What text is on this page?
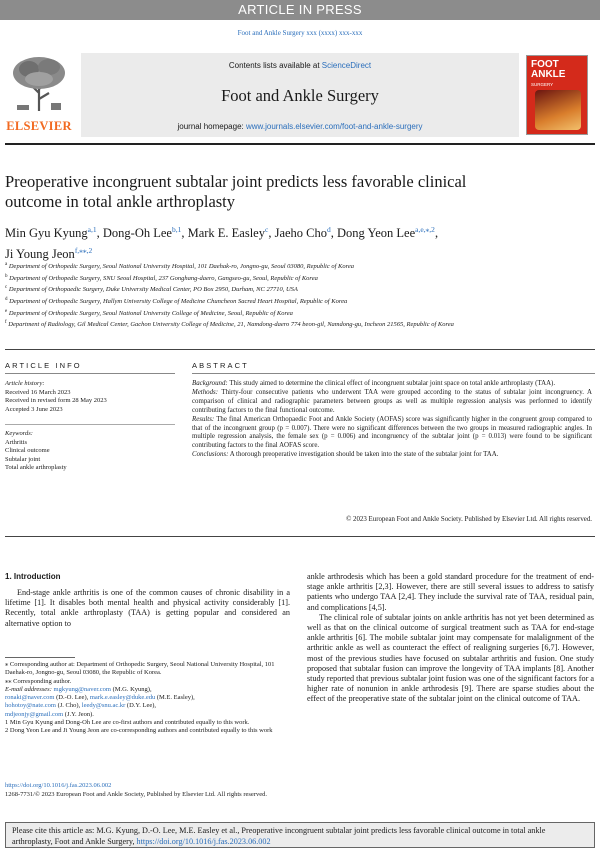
ARTICLE IN PRESS
Foot and Ankle Surgery xxx (xxxx) xxx-xxx
ELSEVIER
Contents lists available at ScienceDirect
Foot and Ankle Surgery
journal homepage: www.journals.elsevier.com/foot-and-ankle-surgery
FOOT
ANKLE
SURGERY
Preoperative incongruent subtalar joint predicts less favorable clinical
outcome in total ankle arthroplasty
Min Gyu Kyung$^{a,1}$, Dong-Oh Lee$^{b,1}$, Mark E. Easley$^c$, Jaeho Cho$^d$, Dong Yeon Lee$^{a,e,⁎,2}$,
Ji Young Jeon$^{f,⁎⁎,2}$
$^a$ Department of Orthopedic Surgery, Seoul National University Hospital, 101 Daehak-ro, Jongno-gu, Seoul 03080, Republic of Korea
$^b$ Department of Orthopedic Surgery, SNU Seoul Hospital, 237 Gonghang-daero, Gangseo-gu, Seoul, Republic of Korea
$^c$ Department of Orthopaedic Surgery, Duke University Medical Center, PO Box 2950, Durham, NC 27710, USA
$^d$ Department of Orthopedic Surgery, Hallym University College of Medicine Chuncheon Sacred Heart Hospital, Republic of Korea
$^e$ Department of Orthopedic Surgery, Seoul National University College of Medicine, Seoul, Republic of Korea
$^f$ Department of Radiology, Gil Medical Center, Gachon University College of Medicine, 21, Namdong-daero 774 beon-gil, Namdong-gu, Incheon 21565, Republic of Korea
ARTICLE INFO	ABSTRACT
Article history:
Received 16 March 2023
Received in revised form 28 May 2023
Accepted 3 June 2023
Keywords:
Arthritis
Clinical outcome
Subtalar joint
Total ankle arthroplasty

Background: This study aimed to determine the clinical effect of incongruent subtalar joint space on total ankle arthroplasty (TAA).

Methods: Thirty-four consecutive patients who underwent TAA were grouped according to the status of subtalar joint incongruency. A comparison of clinical and radiographic parameters between groups as well as multiple regression analysis was performed to identify contributing factors to the final functional outcome.

Results: The final American Orthopaedic Foot and Ankle Society (AOFAS) score was significantly higher in the congruent group compared to that of the incongruent group (p = 0.007). There were no significant differences between the two groups in measured radiographic angles. In multiple regression analysis, the female sex (p = 0.006) and incongruency of the subtalar joint (p = 0.013) were found to be significant contributing factors to the final AOFAS score.

Conclusions: A thorough preoperative investigation should be taken into the state of the subtalar joint for TAA.

© 2023 European Foot and Ankle Society. Published by Elsevier Ltd. All rights reserved.
1. Introduction

End-stage ankle arthritis is one of the common causes of chronic disability in a lifetime [1]. It disables both mental health and physical activity considerably [1]. Recently, total ankle arthroplasty (TAA) is getting popular and considered an alternative option to

ankle arthrodesis which has been a gold standard procedure for the treatment of end-stage ankle arthritis [2,3]. However, there are still several issues to address to satisfy patients who undergo TAA [2,4]. They include the survival rate of TAA, residual pain, and complications [4,5].

The clinical role of subtalar joints on ankle arthritis has not yet been determined as well as that on the clinical outcome of surgical treatment such as TAA for end-stage ankle arthritis [6]. The mobile subtalar joint may compensate for malalignment of the arthritic ankle as well as counteract the effect of realigning surgeries [6,7]. However, most of the previous studies have focused on subtalar arthritis and fusion. One study proposed that subtalar fusion can improve the longevity of TAA implants [8]. Another study reported that previous subtalar joint fusion was one of the significant factors for a higher rate of nonunion in ankle arthrodesis [9]. There are sparse studies about the effect of the preoperative state of the subtalar joint on the clinical outcome of TAA.

⁎ Corresponding author at: Department of Orthopedic Surgery, Seoul National University Hospital, 101 Daehak-ro, Jongno-gu, Seoul 03080, the Republic of Korea.
⁎⁎ Corresponding author.
E-mail addresses: mgkyung@naver.com (M.G. Kyung),
ronaki@naver.com (D.-O. Lee), mark.e.easley@duke.edu (M.E. Easley),
hohotoy@nate.com (J. Cho), leedy@snu.ac.kr (D.Y. Lee),
mdjeonjy@gmail.com (J.Y. Jeon).
1 Min Gyu Kyung and Dong-Oh Lee are co-first authors and contributed equally to this work.
2 Dong Yeon Lee and Ji Young Jeon are co-corresponding authors and contributed equally to this work
https://doi.org/10.1016/j.fas.2023.06.002
1268-7731/© 2023 European Foot and Ankle Society, Published by Elsevier Ltd. All rights reserved.
Please cite this article as: M.G. Kyung, D.-O. Lee, M.E. Easley et al., Preoperative incongruent subtalar joint predicts less favorable clinical outcome in total ankle arthroplasty, Foot and Ankle Surgery, https://doi.org/10.1016/j.fas.2023.06.002
